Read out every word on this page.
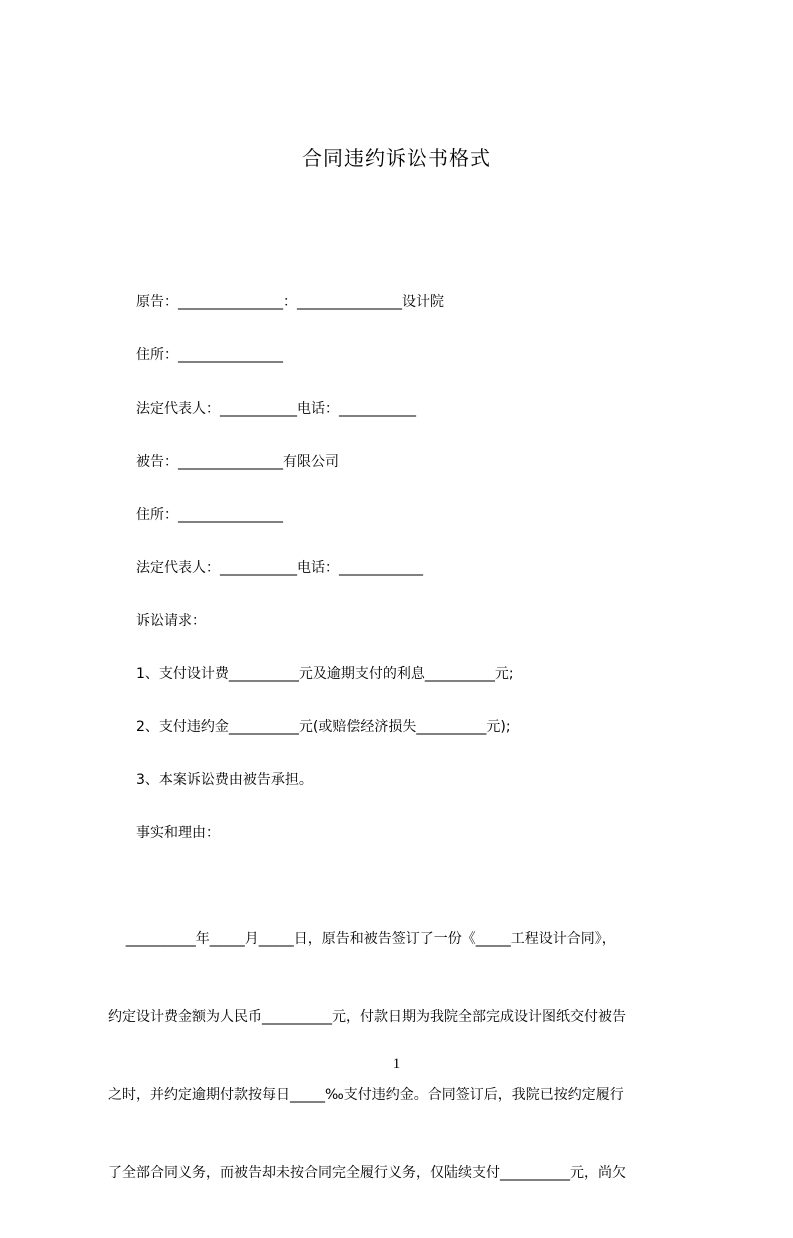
合同违约诉讼书格式
原告：_______________：_______________设计院
住所：_______________
法定代表人：___________电话：___________
被告：_______________有限公司
住所：_______________
法定代表人：___________电话：____________
诉讼请求：
1、支付设计费__________元及逾期支付的利息__________元;
2、支付违约金__________元(或赔偿经济损失__________元);
3、本案诉讼费由被告承担。
事实和理由：

__________年_____月_____日，原告和被告签订了一份《_____工程设计合同》，

约定设计费金额为人民币__________元，付款日期为我院全部完成设计图纸交付被告

之时，并约定逾期付款按每日_____‰支付违约金。合同签订后，我院已按约定履行

了全部合同义务，而被告却未按合同完全履行义务，仅陆续支付__________元，尚欠

1
